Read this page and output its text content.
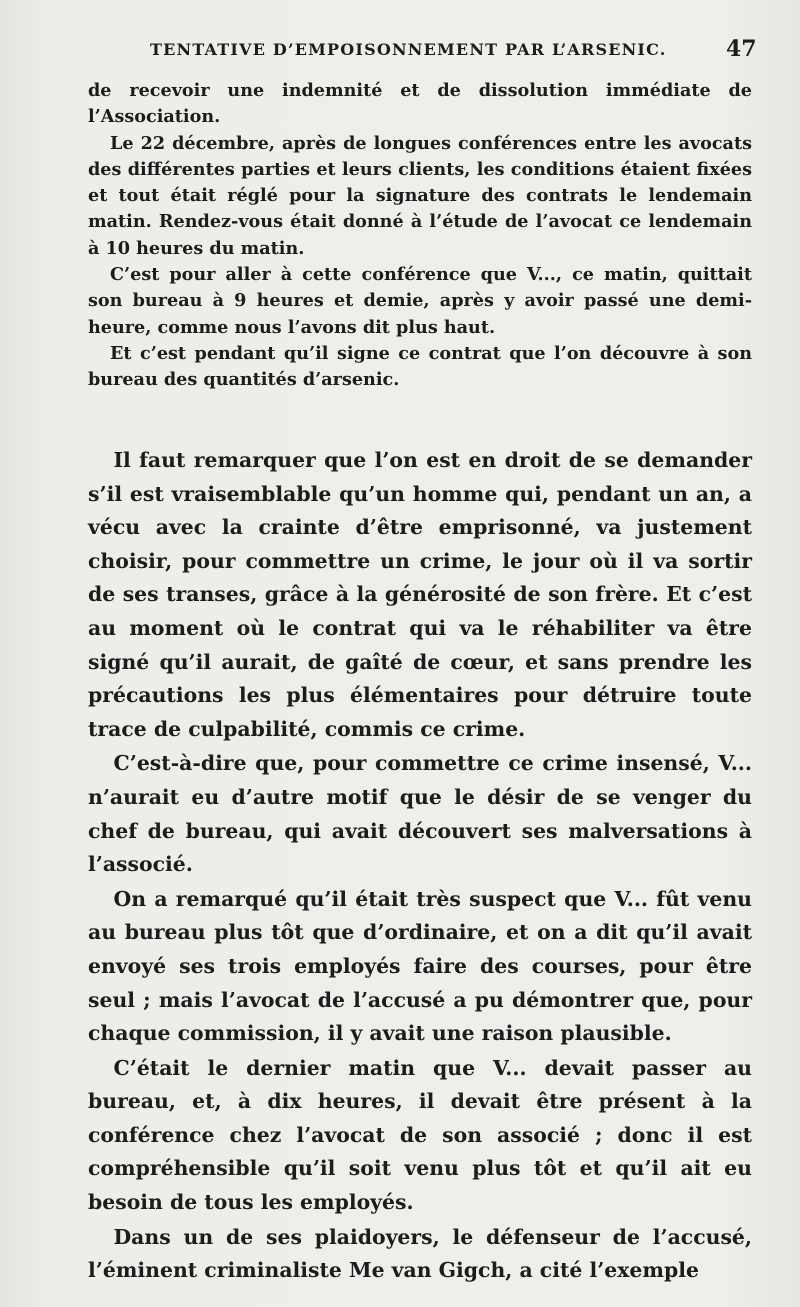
TENTATIVE D’EMPOISONNEMENT PAR L’ARSENIC.	47

de recevoir une indemnité et de dissolution immédiate de l’Association.

Le 22 décembre, après de longues conférences entre les avocats des différentes parties et leurs clients, les conditions étaient fixées et tout était réglé pour la signature des contrats le lendemain matin. Rendez-vous était donné à l’étude de l’avocat ce lendemain à 10 heures du matin.

C’est pour aller à cette conférence que V..., ce matin, quittait son bureau à 9 heures et demie, après y avoir passé une demi-heure, comme nous l’avons dit plus haut.

Et c’est pendant qu’il signe ce contrat que l’on découvre à son bureau des quantités d’arsenic.

Il faut remarquer que l’on est en droit de se demander s’il est vraisemblable qu’un homme qui, pendant un an, a vécu avec la crainte d’être emprisonné, va justement choisir, pour commettre un crime, le jour où il va sortir de ses transes, grâce à la générosité de son frère. Et c’est au moment où le contrat qui va le réhabiliter va être signé qu’il aurait, de gaîté de cœur, et sans prendre les précautions les plus élémentaires pour détruire toute trace de culpabilité, commis ce crime.

C’est-à-dire que, pour commettre ce crime insensé, V... n’aurait eu d’autre motif que le désir de se venger du chef de bureau, qui avait découvert ses malversations à l’associé.

On a remarqué qu’il était très suspect que V... fût venu au bureau plus tôt que d’ordinaire, et on a dit qu’il avait envoyé ses trois employés faire des courses, pour être seul ; mais l’avocat de l’accusé a pu démontrer que, pour chaque commission, il y avait une raison plausible.

C’était le dernier matin que V... devait passer au bureau, et, à dix heures, il devait être présent à la conférence chez l’avocat de son associé ; donc il est compréhensible qu’il soit venu plus tôt et qu’il ait eu besoin de tous les employés.

Dans un de ses plaidoyers, le défenseur de l’accusé, l’éminent criminaliste Me van Gigch, a cité l’exemple
